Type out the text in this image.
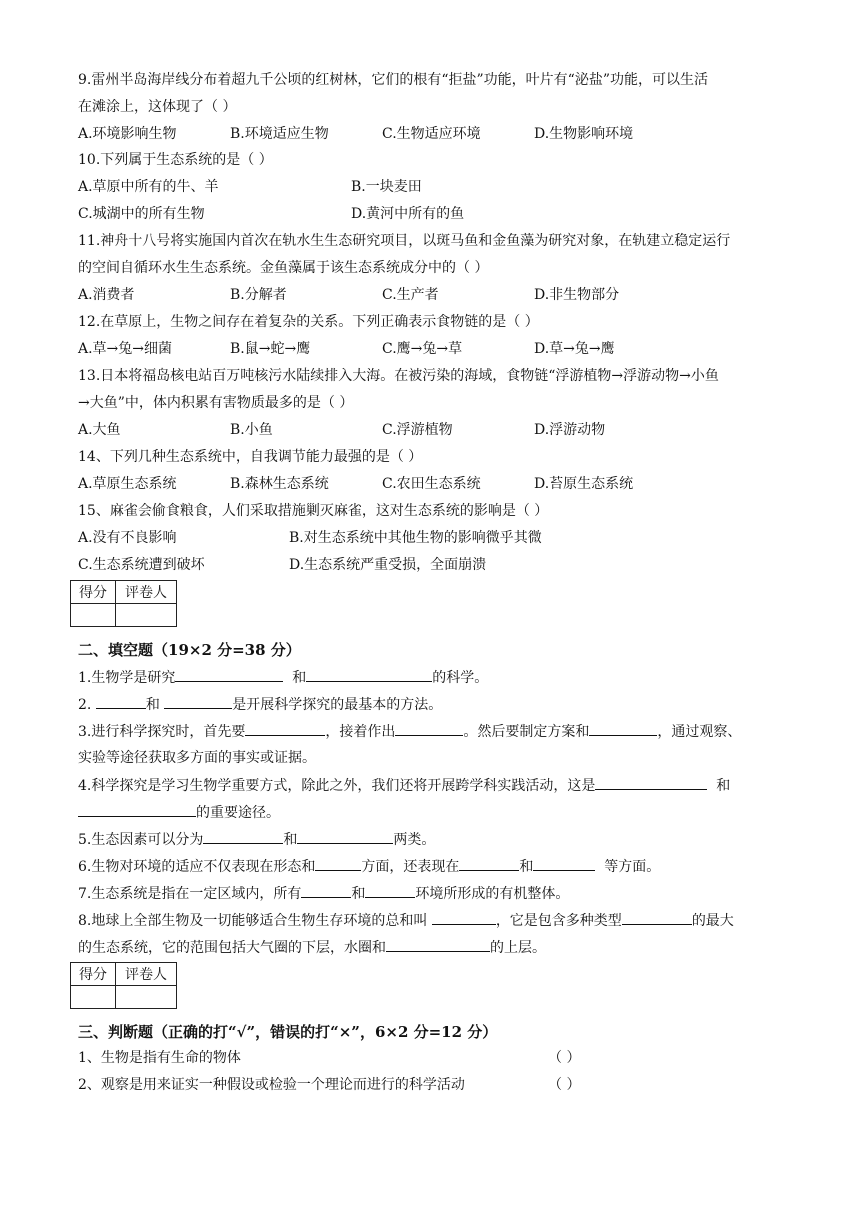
9.雷州半岛海岸线分布着超九千公顷的红树林，它们的根有“拒盐”功能，叶片有“泌盐”功能，可以生活
在滩涂上，这体现了（ ）
A.环境影响生物	B.环境适应生物	C.生物适应环境	D.生物影响环境
10.下列属于生态系统的是（ ）
A.草原中所有的牛、羊	B.一块麦田
C.城湖中的所有生物	D.黄河中所有的鱼
11.神舟十八号将实施国内首次在轨水生生态研究项目，以斑马鱼和金鱼藻为研究对象，在轨建立稳定运行
的空间自循环水生生态系统。金鱼藻属于该生态系统成分中的（ ）
A.消费者	B.分解者	C.生产者	D.非生物部分
12.在草原上，生物之间存在着复杂的关系。下列正确表示食物链的是（ ）
A.草→兔→细菌	B.鼠→蛇→鹰	C.鹰→兔→草	D.草→兔→鹰
13.日本将福岛核电站百万吨核污水陆续排入大海。在被污染的海域，食物链“浮游植物→浮游动物→小鱼
→大鱼”中，体内积累有害物质最多的是（ ）
A.大鱼	B.小鱼	C.浮游植物	D.浮游动物
14、下列几种生态系统中，自我调节能力最强的是（ ）
A.草原生态系统	B.森林生态系统	C.农田生态系统	D.苔原生态系统
15、麻雀会偷食粮食，人们采取措施剿灭麻雀，这对生态系统的影响是（ ）
A.没有不良影响	B.对生态系统中其他生物的影响微乎其微
C.生态系统遭到破坏	D.生态系统严重受损，全面崩溃
得分	评卷人

二、填空题（19×2 分=38 分）
1.生物学是研究	和	的科学。
2.	和	是开展科学探究的最基本的方法。
3.进行科学探究时，首先要	，接着作出	。然后要制定方案和	，通过观察、
实验等途径获取多方面的事实或证据。
4.科学探究是学习生物学重要方式，除此之外，我们还将开展跨学科实践活动，这是	和
的重要途径。
5.生态因素可以分为	和	两类。
6.生物对环境的适应不仅表现在形态和	方面，还表现在	和	等方面。
7.生态系统是指在一定区域内，所有	和	环境所形成的有机整体。
8.地球上全部生物及一切能够适合生物生存环境的总和叫	，它是包含多种类型	的最大
的生态系统，它的范围包括大气圈的下层，水圈和	的上层。
得分	评卷人

三、判断题（正确的打“√”，错误的打“×”，6×2 分=12 分）
1、生物是指有生命的物体	（ ）
2、观察是用来证实一种假设或检验一个理论而进行的科学活动	（ ）
